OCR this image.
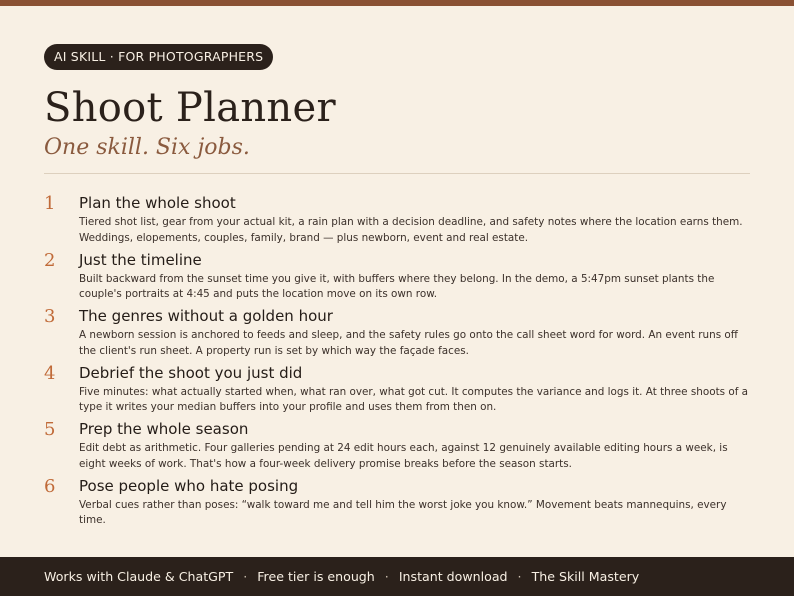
AI SKILL · FOR PHOTOGRAPHERS
Shoot Planner
One skill. Six jobs.
1 Plan the whole shoot
Tiered shot list, gear from your actual kit, a rain plan with a decision deadline, and safety notes where the location earns them. Weddings, elopements, couples, family, brand — plus newborn, event and real estate.
2 Just the timeline
Built backward from the sunset time you give it, with buffers where they belong. In the demo, a 5:47pm sunset plants the couple's portraits at 4:45 and puts the location move on its own row.
3 The genres without a golden hour
A newborn session is anchored to feeds and sleep, and the safety rules go onto the call sheet word for word. An event runs off the client's run sheet. A property run is set by which way the façade faces.
4 Debrief the shoot you just did
Five minutes: what actually started when, what ran over, what got cut. It computes the variance and logs it. At three shoots of a type it writes your median buffers into your profile and uses them from then on.
5 Prep the whole season
Edit debt as arithmetic. Four galleries pending at 24 edit hours each, against 12 genuinely available editing hours a week, is eight weeks of work. That's how a four-week delivery promise breaks before the season starts.
6 Pose people who hate posing
Verbal cues rather than poses: “walk toward me and tell him the worst joke you know.” Movement beats mannequins, every time.
Works with Claude & ChatGPT · Free tier is enough · Instant download · The Skill Mastery
